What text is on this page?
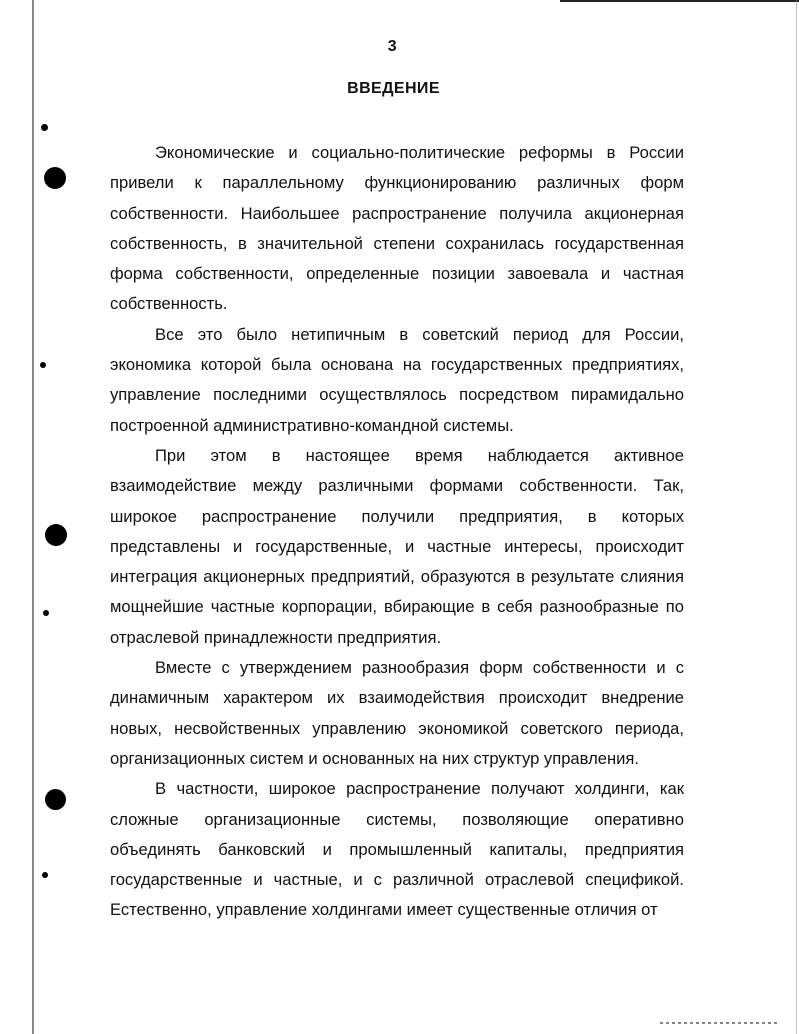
3
ВВЕДЕНИЕ

Экономические и социально-политические реформы в России привели к параллельному функционированию различных форм собственности. Наибольшее распространение получила акционерная собственность, в значительной степени сохранилась государственная форма собственности, определенные позиции завоевала и частная собственность.

Все это было нетипичным в советский период для России, экономика которой была основана на государственных предприятиях, управление последними осуществлялось посредством пирамидально построенной административно-командной системы.

При этом в настоящее время наблюдается активное взаимодействие между различными формами собственности. Так, широкое распространение получили предприятия, в которых представлены и государственные, и частные интересы, происходит интеграция акционерных предприятий, образуются в результате слияния мощнейшие частные корпорации, вбирающие в себя разнообразные по отраслевой принадлежности предприятия.

Вместе с утверждением разнообразия форм собственности и с динамичным характером их взаимодействия происходит внедрение новых, несвойственных управлению экономикой советского периода, организационных систем и основанных на них структур управления.

В частности, широкое распространение получают холдинги, как сложные организационные системы, позволяющие оперативно объединять банковский и промышленный капиталы, предприятия государственные и частные, и с различной отраслевой спецификой. Естественно, управление холдингами имеет существенные отличия от
